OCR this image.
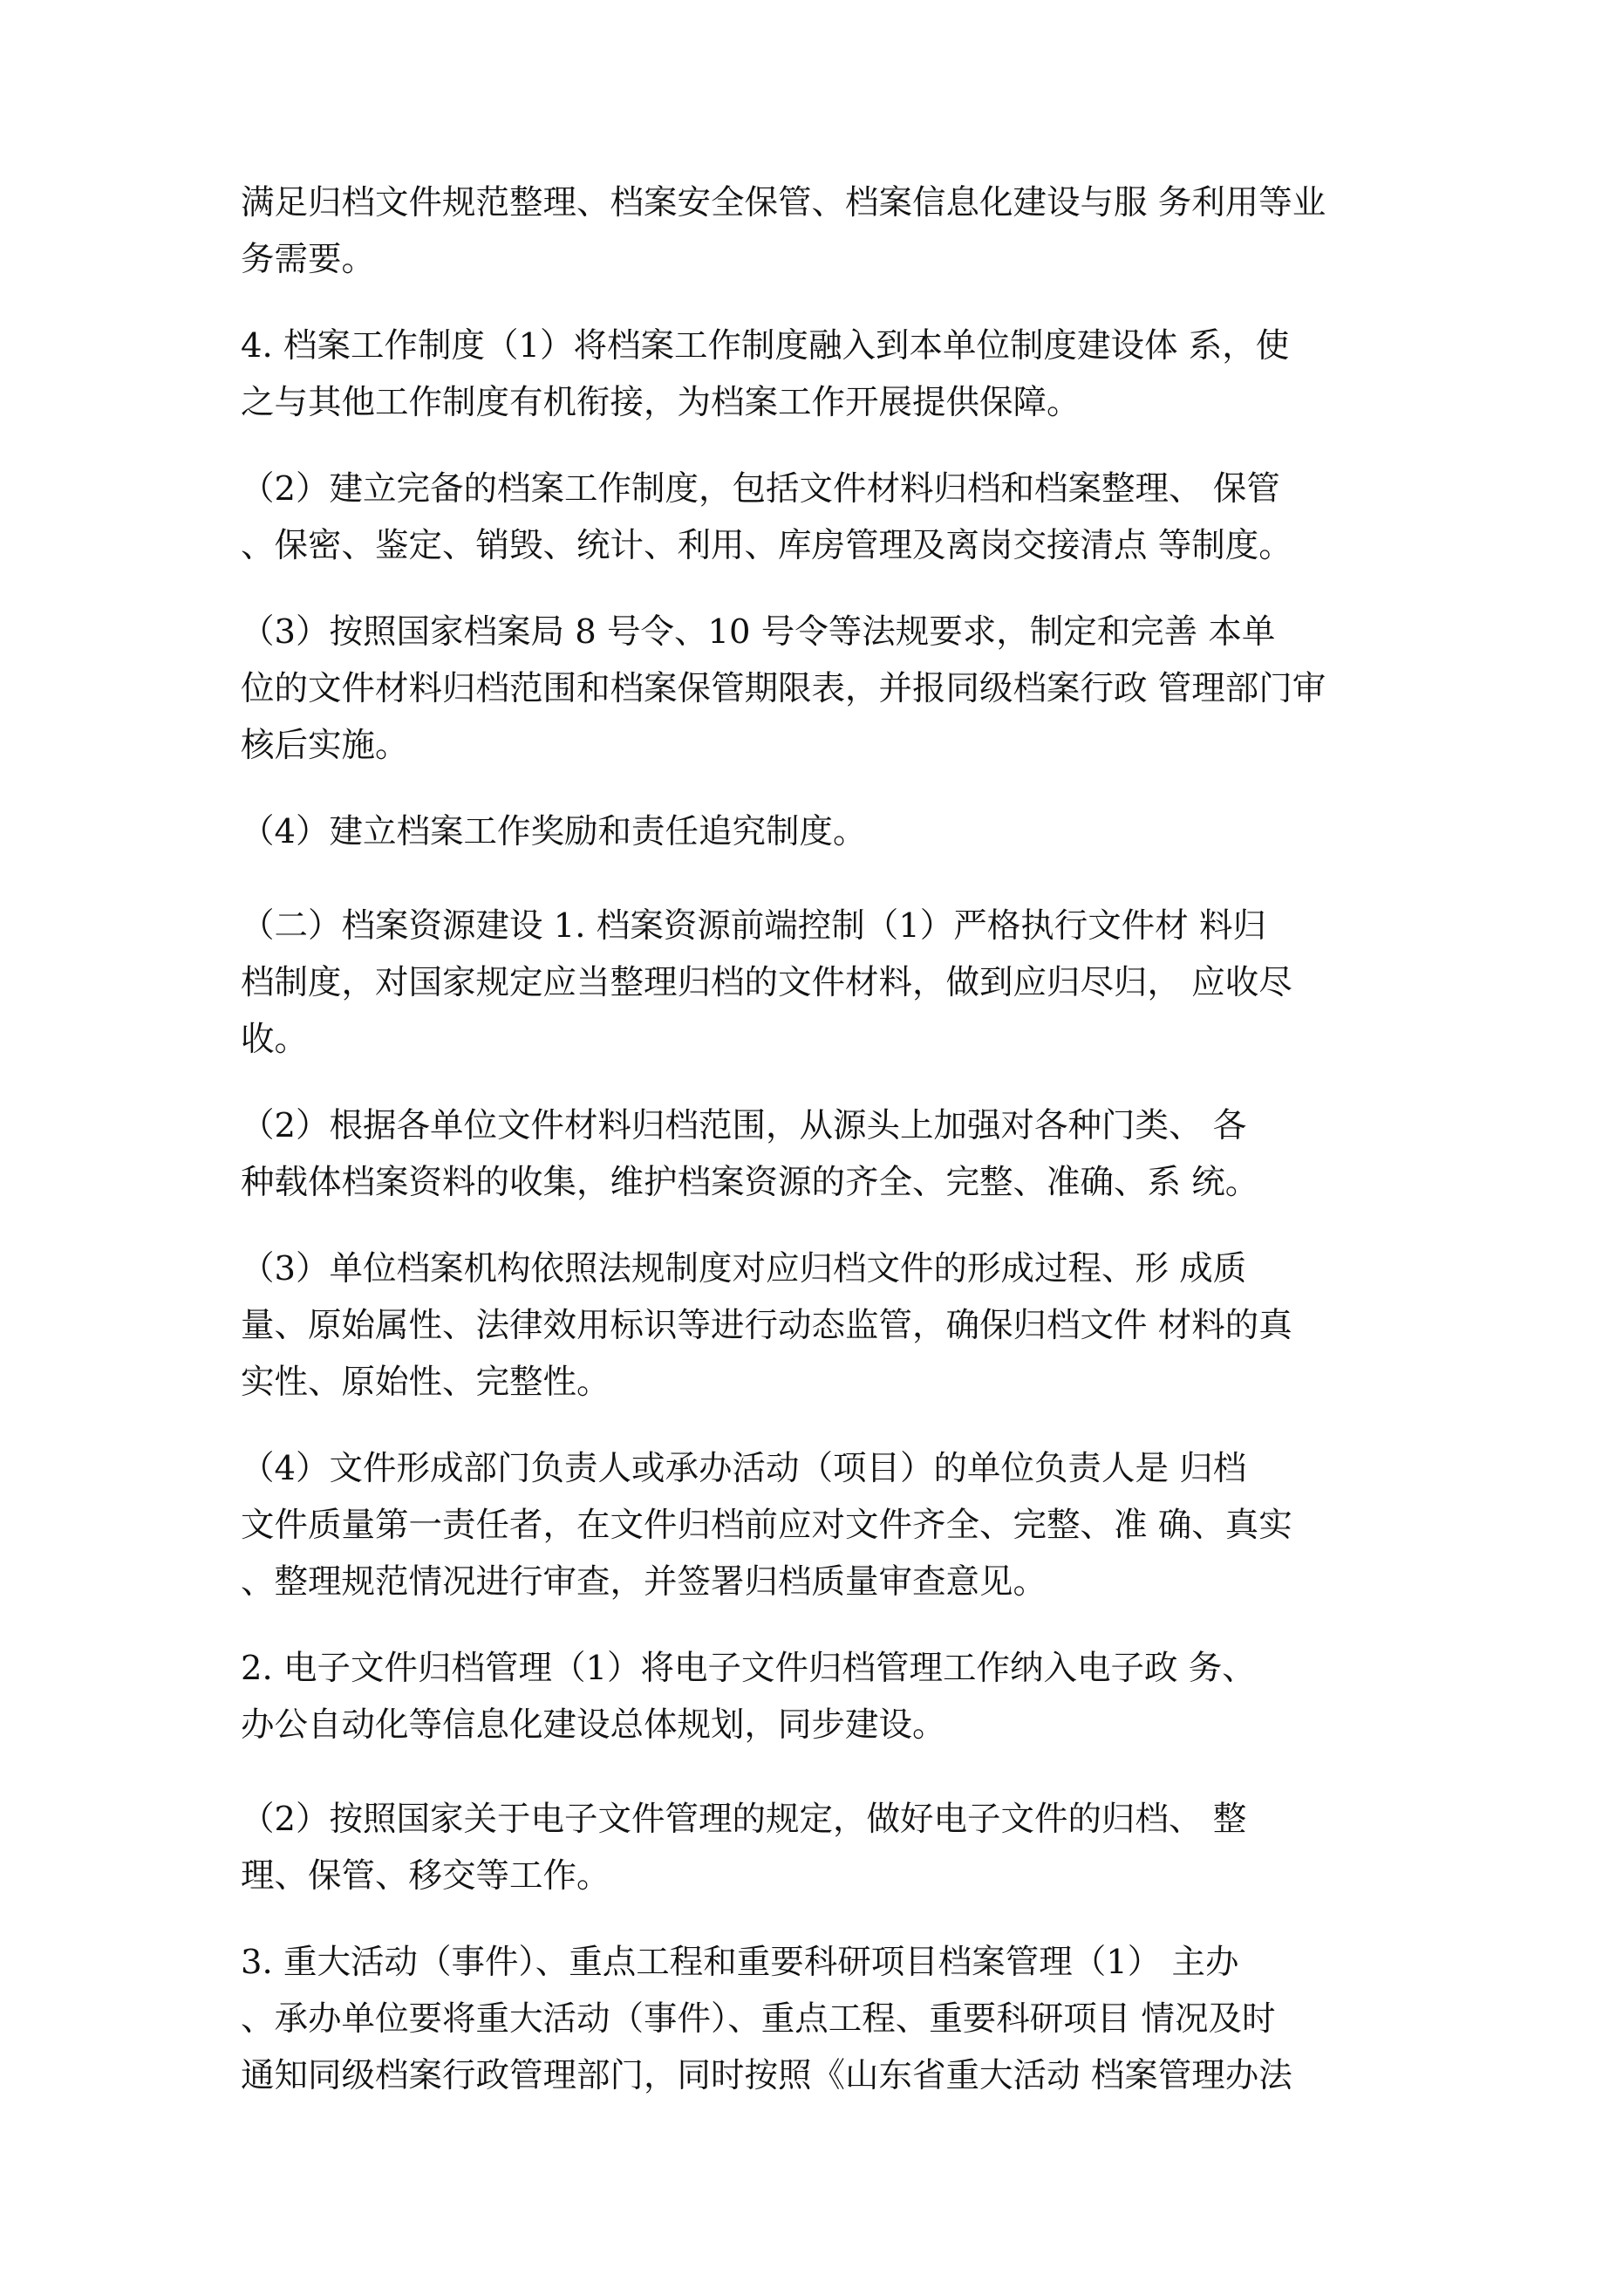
满足归档文件规范整理、档案安全保管、档案信息化建设与服 务利用等业
务需要。

4. 档案工作制度（1）将档案工作制度融入到本单位制度建设体 系，使
之与其他工作制度有机衔接，为档案工作开展提供保障。

（2）建立完备的档案工作制度，包括文件材料归档和档案整理、 保管
、保密、鉴定、销毁、统计、利用、库房管理及离岗交接清点 等制度。

（3）按照国家档案局 8 号令、10 号令等法规要求，制定和完善 本单
位的文件材料归档范围和档案保管期限表，并报同级档案行政 管理部门审
核后实施。

（4）建立档案工作奖励和责任追究制度。

（二）档案资源建设 1. 档案资源前端控制（1）严格执行文件材 料归
档制度，对国家规定应当整理归档的文件材料，做到应归尽归， 应收尽
收。

（2）根据各单位文件材料归档范围，从源头上加强对各种门类、 各
种载体档案资料的收集，维护档案资源的齐全、完整、准确、系 统。

（3）单位档案机构依照法规制度对应归档文件的形成过程、形 成质
量、原始属性、法律效用标识等进行动态监管，确保归档文件 材料的真
实性、原始性、完整性。

（4）文件形成部门负责人或承办活动（项目）的单位负责人是 归档
文件质量第一责任者，在文件归档前应对文件齐全、完整、准 确、真实
、整理规范情况进行审查，并签署归档质量审查意见。

2. 电子文件归档管理（1）将电子文件归档管理工作纳入电子政 务、
办公自动化等信息化建设总体规划，同步建设。

（2）按照国家关于电子文件管理的规定，做好电子文件的归档、 整
理、保管、移交等工作。

3. 重大活动（事件）、重点工程和重要科研项目档案管理（1） 主办
、承办单位要将重大活动（事件）、重点工程、重要科研项目 情况及时
通知同级档案行政管理部门，同时按照《山东省重大活动 档案管理办法
